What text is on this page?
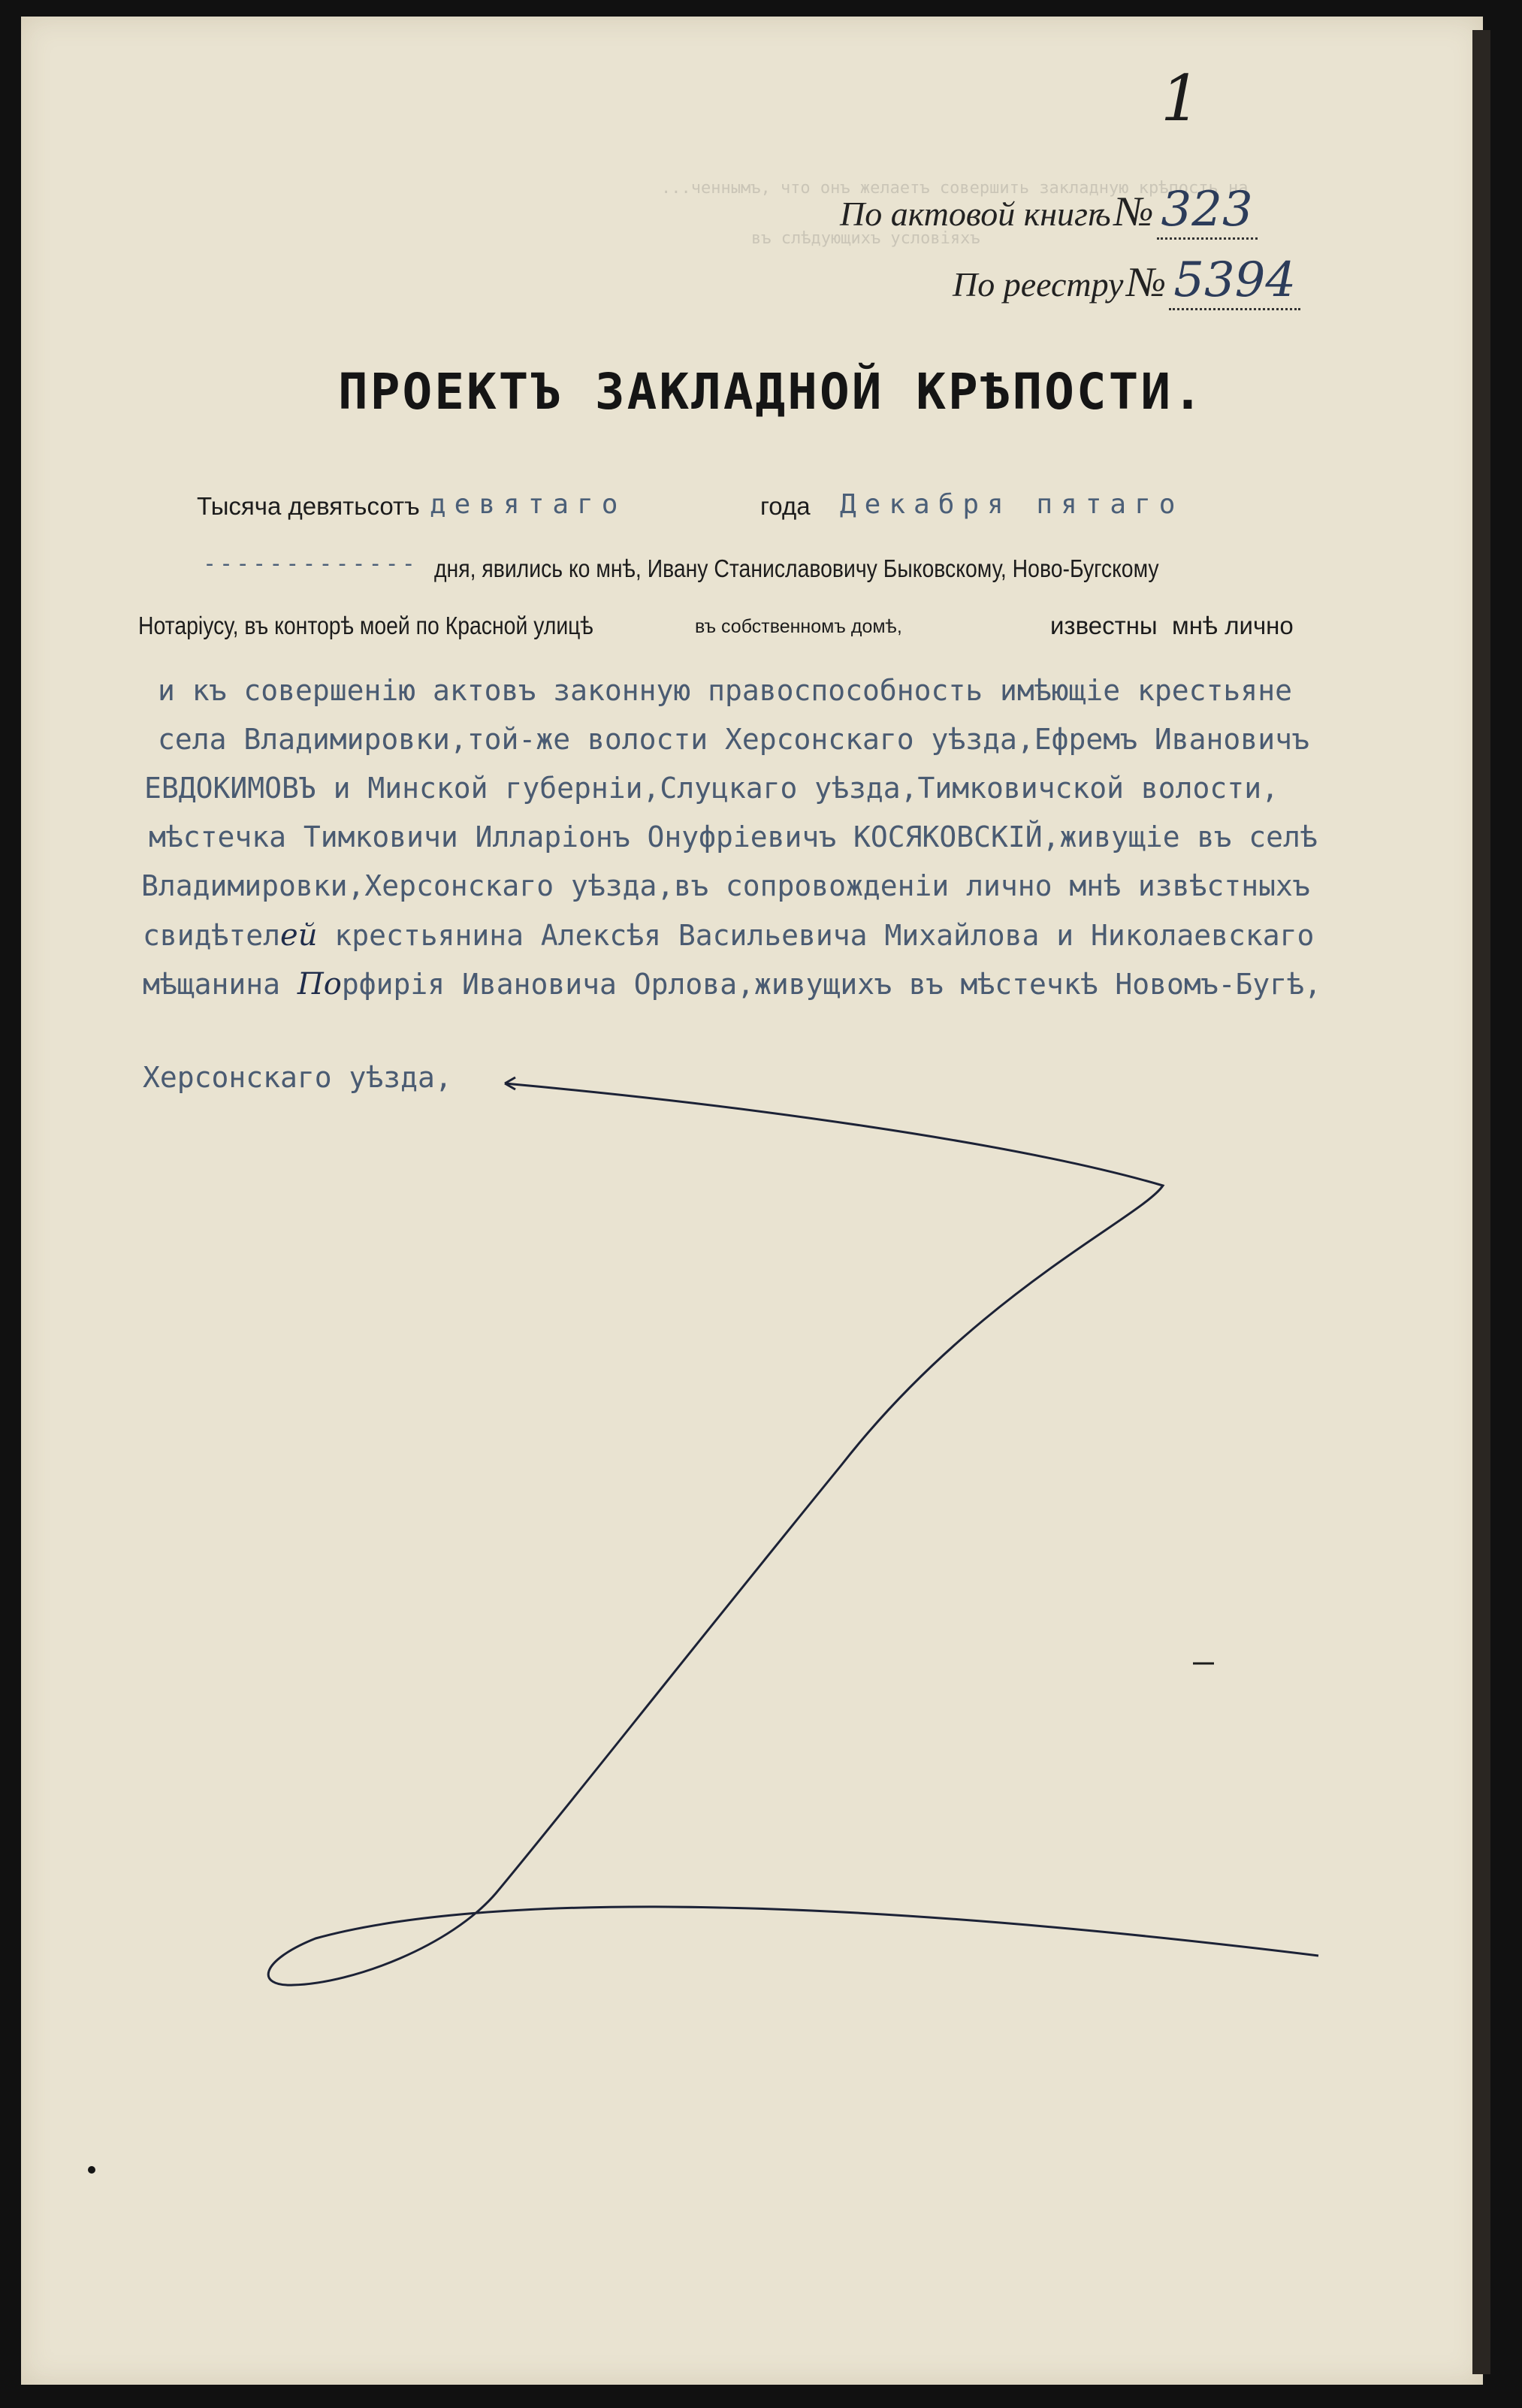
...ченнымъ, что онъ желаетъ совершить закладную крѣпость на
въ слѣдующихъ условіяхъ
1
По актовой книгѣ № 323
По реестру № 5394
ПРОЕКТЪ ЗАКЛАДНОЙ КРѢПОСТИ.
Тысяча девятьсотъ девятаго	года Декабря пятаго
------------- дня, явились ко мнѣ, Ивану Станиславовичу Быковскому, Ново-Бугскому
Нотаріусу, въ конторѣ моей по Красной улицѣ	въ собственномъ домѣ,	известны мнѣ лично
и къ совершенію актовъ законную правоспособность имѣющіе крестьяне
села Владимировки,той-же волости Херсонскаго уѣзда,Ефремъ Ивановичъ
ЕВДОКИМОВЪ и Минской губерніи,Слуцкаго уѣзда,Тимковичской волости,
мѣстечка Тимковичи Илларіонъ Онуфріевичъ КОСЯКОВСКІЙ,живущіе въ селѣ
Владимировки,Херсонскаго уѣзда,въ сопровожденіи лично мнѣ извѣстныхъ
свидѣтелей крестьянина Алексѣя Васильевича Михайлова и Николаевскаго
мѣщанина Порфирія Ивановича Орлова,живущихъ въ мѣстечкѣ Новомъ-Бугѣ,
Херсонскаго уѣзда,
